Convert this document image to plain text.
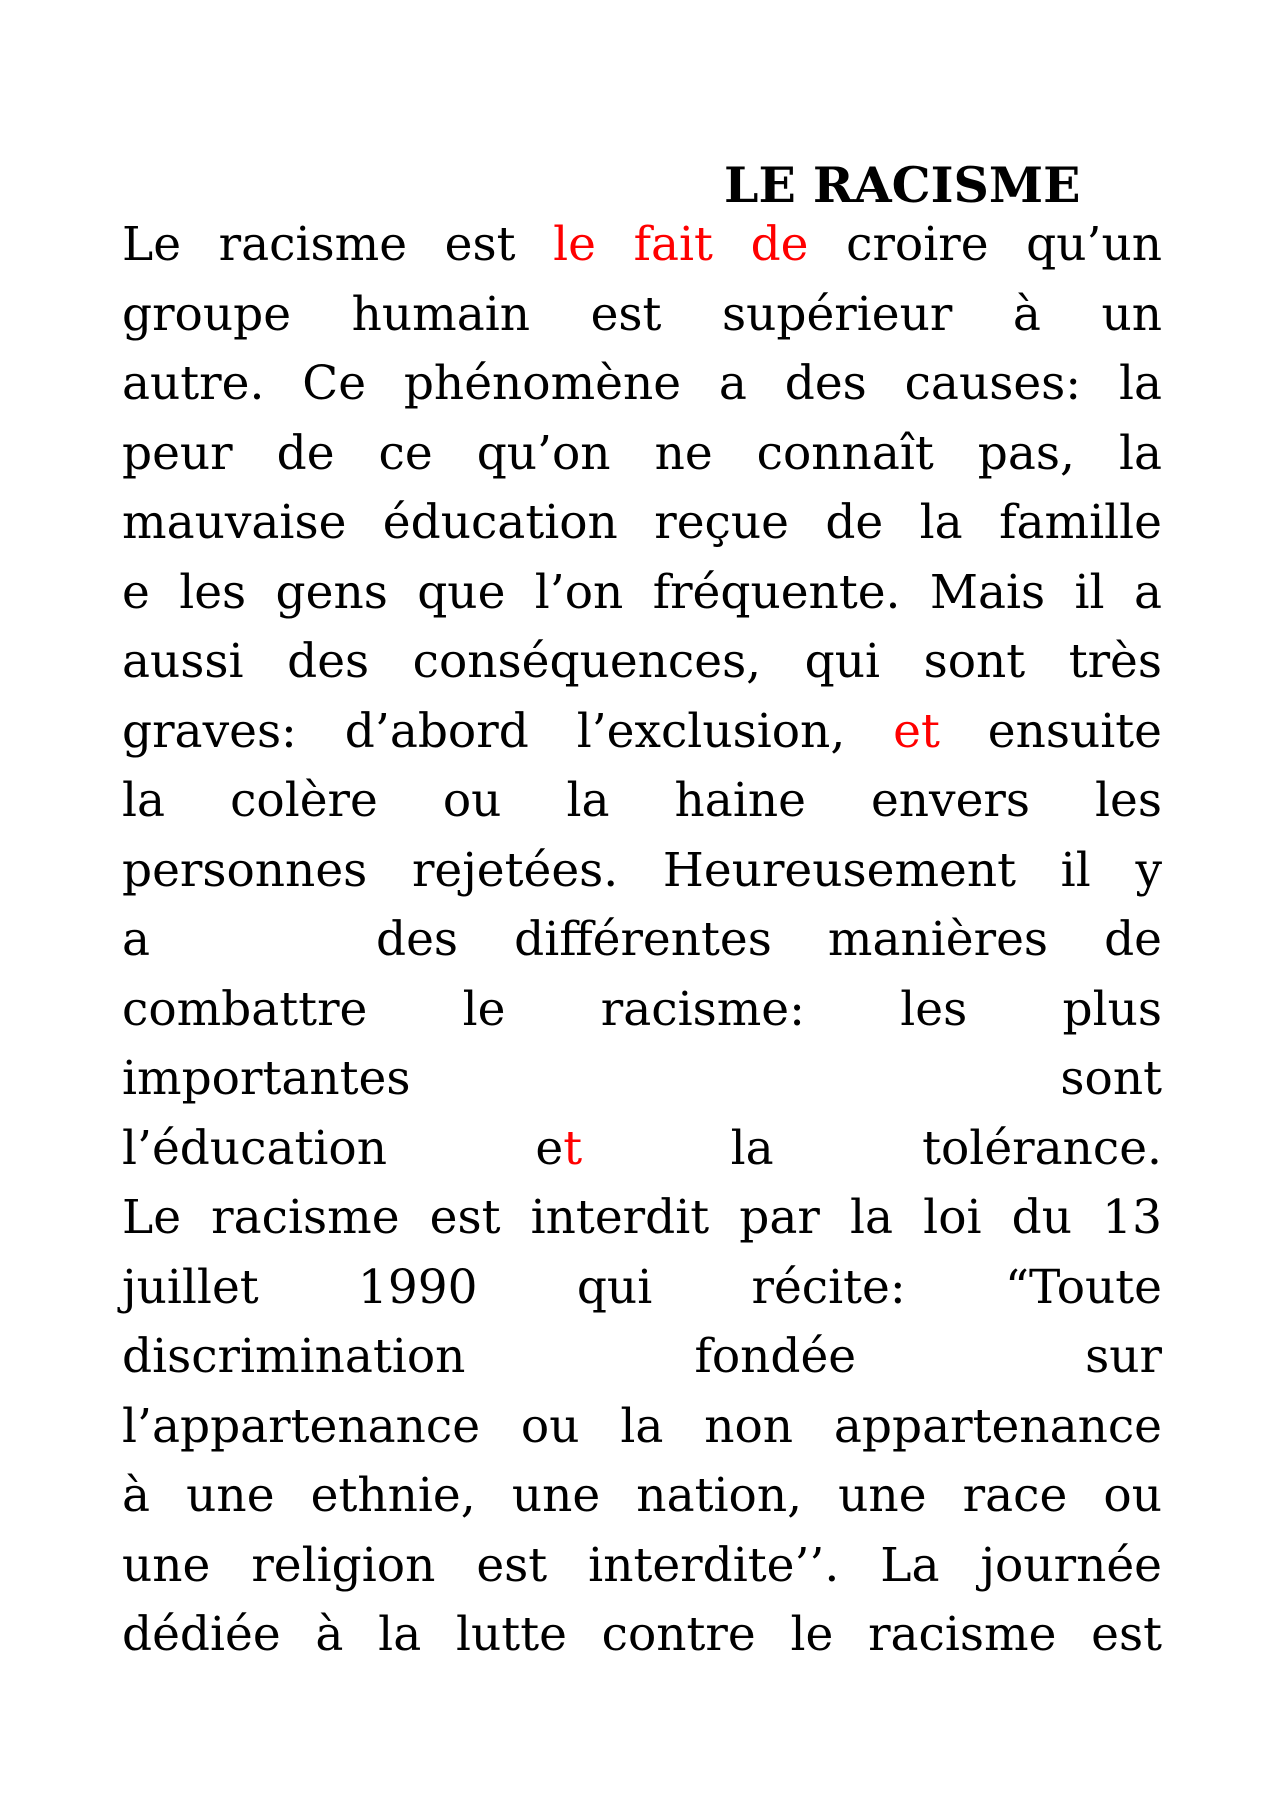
LE RACISME
Le racisme est le fait de croire qu’un
groupe humain est supérieur à un
autre. Ce phénomène a des causes: la
peur de ce qu’on ne connaît pas, la
mauvaise éducation reçue de la famille
e les gens que l’on fréquente. Mais il a
aussi des conséquences, qui sont très
graves: d’abord l’exclusion, et ensuite
la colère ou la haine envers les
personnes rejetées. Heureusement il y
a	des différentes manières de
combattre le racisme: les plus
importantes sont
l’éducation et la tolérance.
Le racisme est interdit par la loi du 13
juillet 1990 qui récite: “Toute
discrimination fondée sur
l’appartenance ou la non appartenance
à une ethnie, une nation, une race ou
une religion est interdite’’. La journée
dédiée à la lutte contre le racisme est
